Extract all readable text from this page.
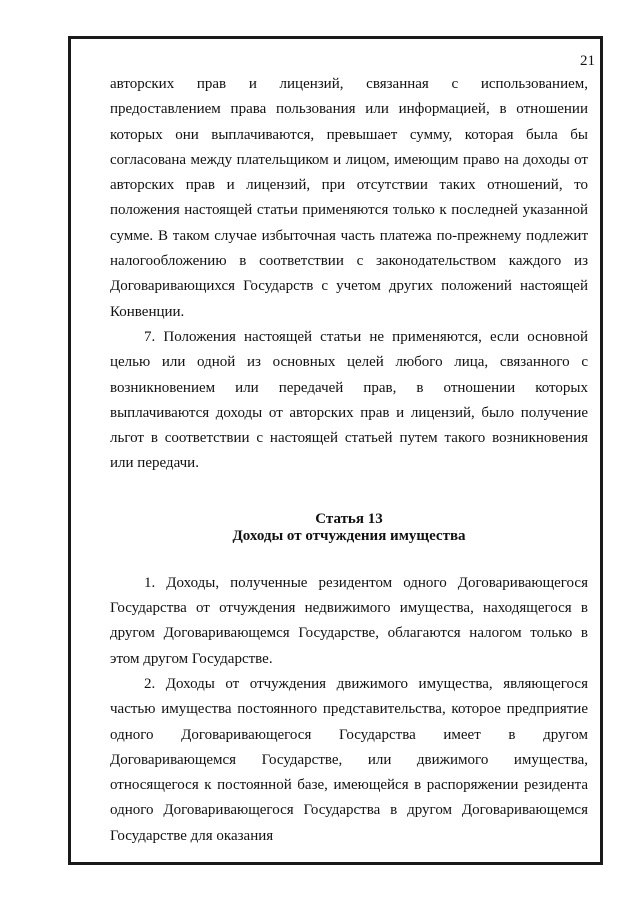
21

авторских прав и лицензий, связанная с использованием, предоставлением права пользования или информацией, в отношении которых они выплачиваются, превышает сумму, которая была бы согласована между плательщиком и лицом, имеющим право на доходы от авторских прав и лицензий, при отсутствии таких отношений, то положения настоящей статьи применяются только к последней указанной сумме. В таком случае избыточная часть платежа по-прежнему подлежит налогообложению в соответствии с законодательством каждого из Договаривающихся Государств с учетом других положений настоящей Конвенции.

7. Положения настоящей статьи не применяются, если основной целью или одной из основных целей любого лица, связанного с возникновением или передачей прав, в отношении которых выплачиваются доходы от авторских прав и лицензий, было получение льгот в соответствии с настоящей статьей путем такого возникновения или передачи.

Статья 13

Доходы от отчуждения имущества

1. Доходы, полученные резидентом одного Договаривающегося Государства от отчуждения недвижимого имущества, находящегося в другом Договаривающемся Государстве, облагаются налогом только в этом другом Государстве.

2. Доходы от отчуждения движимого имущества, являющегося частью имущества постоянного представительства, которое предприятие одного Договаривающегося Государства имеет в другом Договаривающемся Государстве, или движимого имущества, относящегося к постоянной базе, имеющейся в распоряжении резидента одного Договаривающегося Государства в другом Договаривающемся Государстве для оказания
